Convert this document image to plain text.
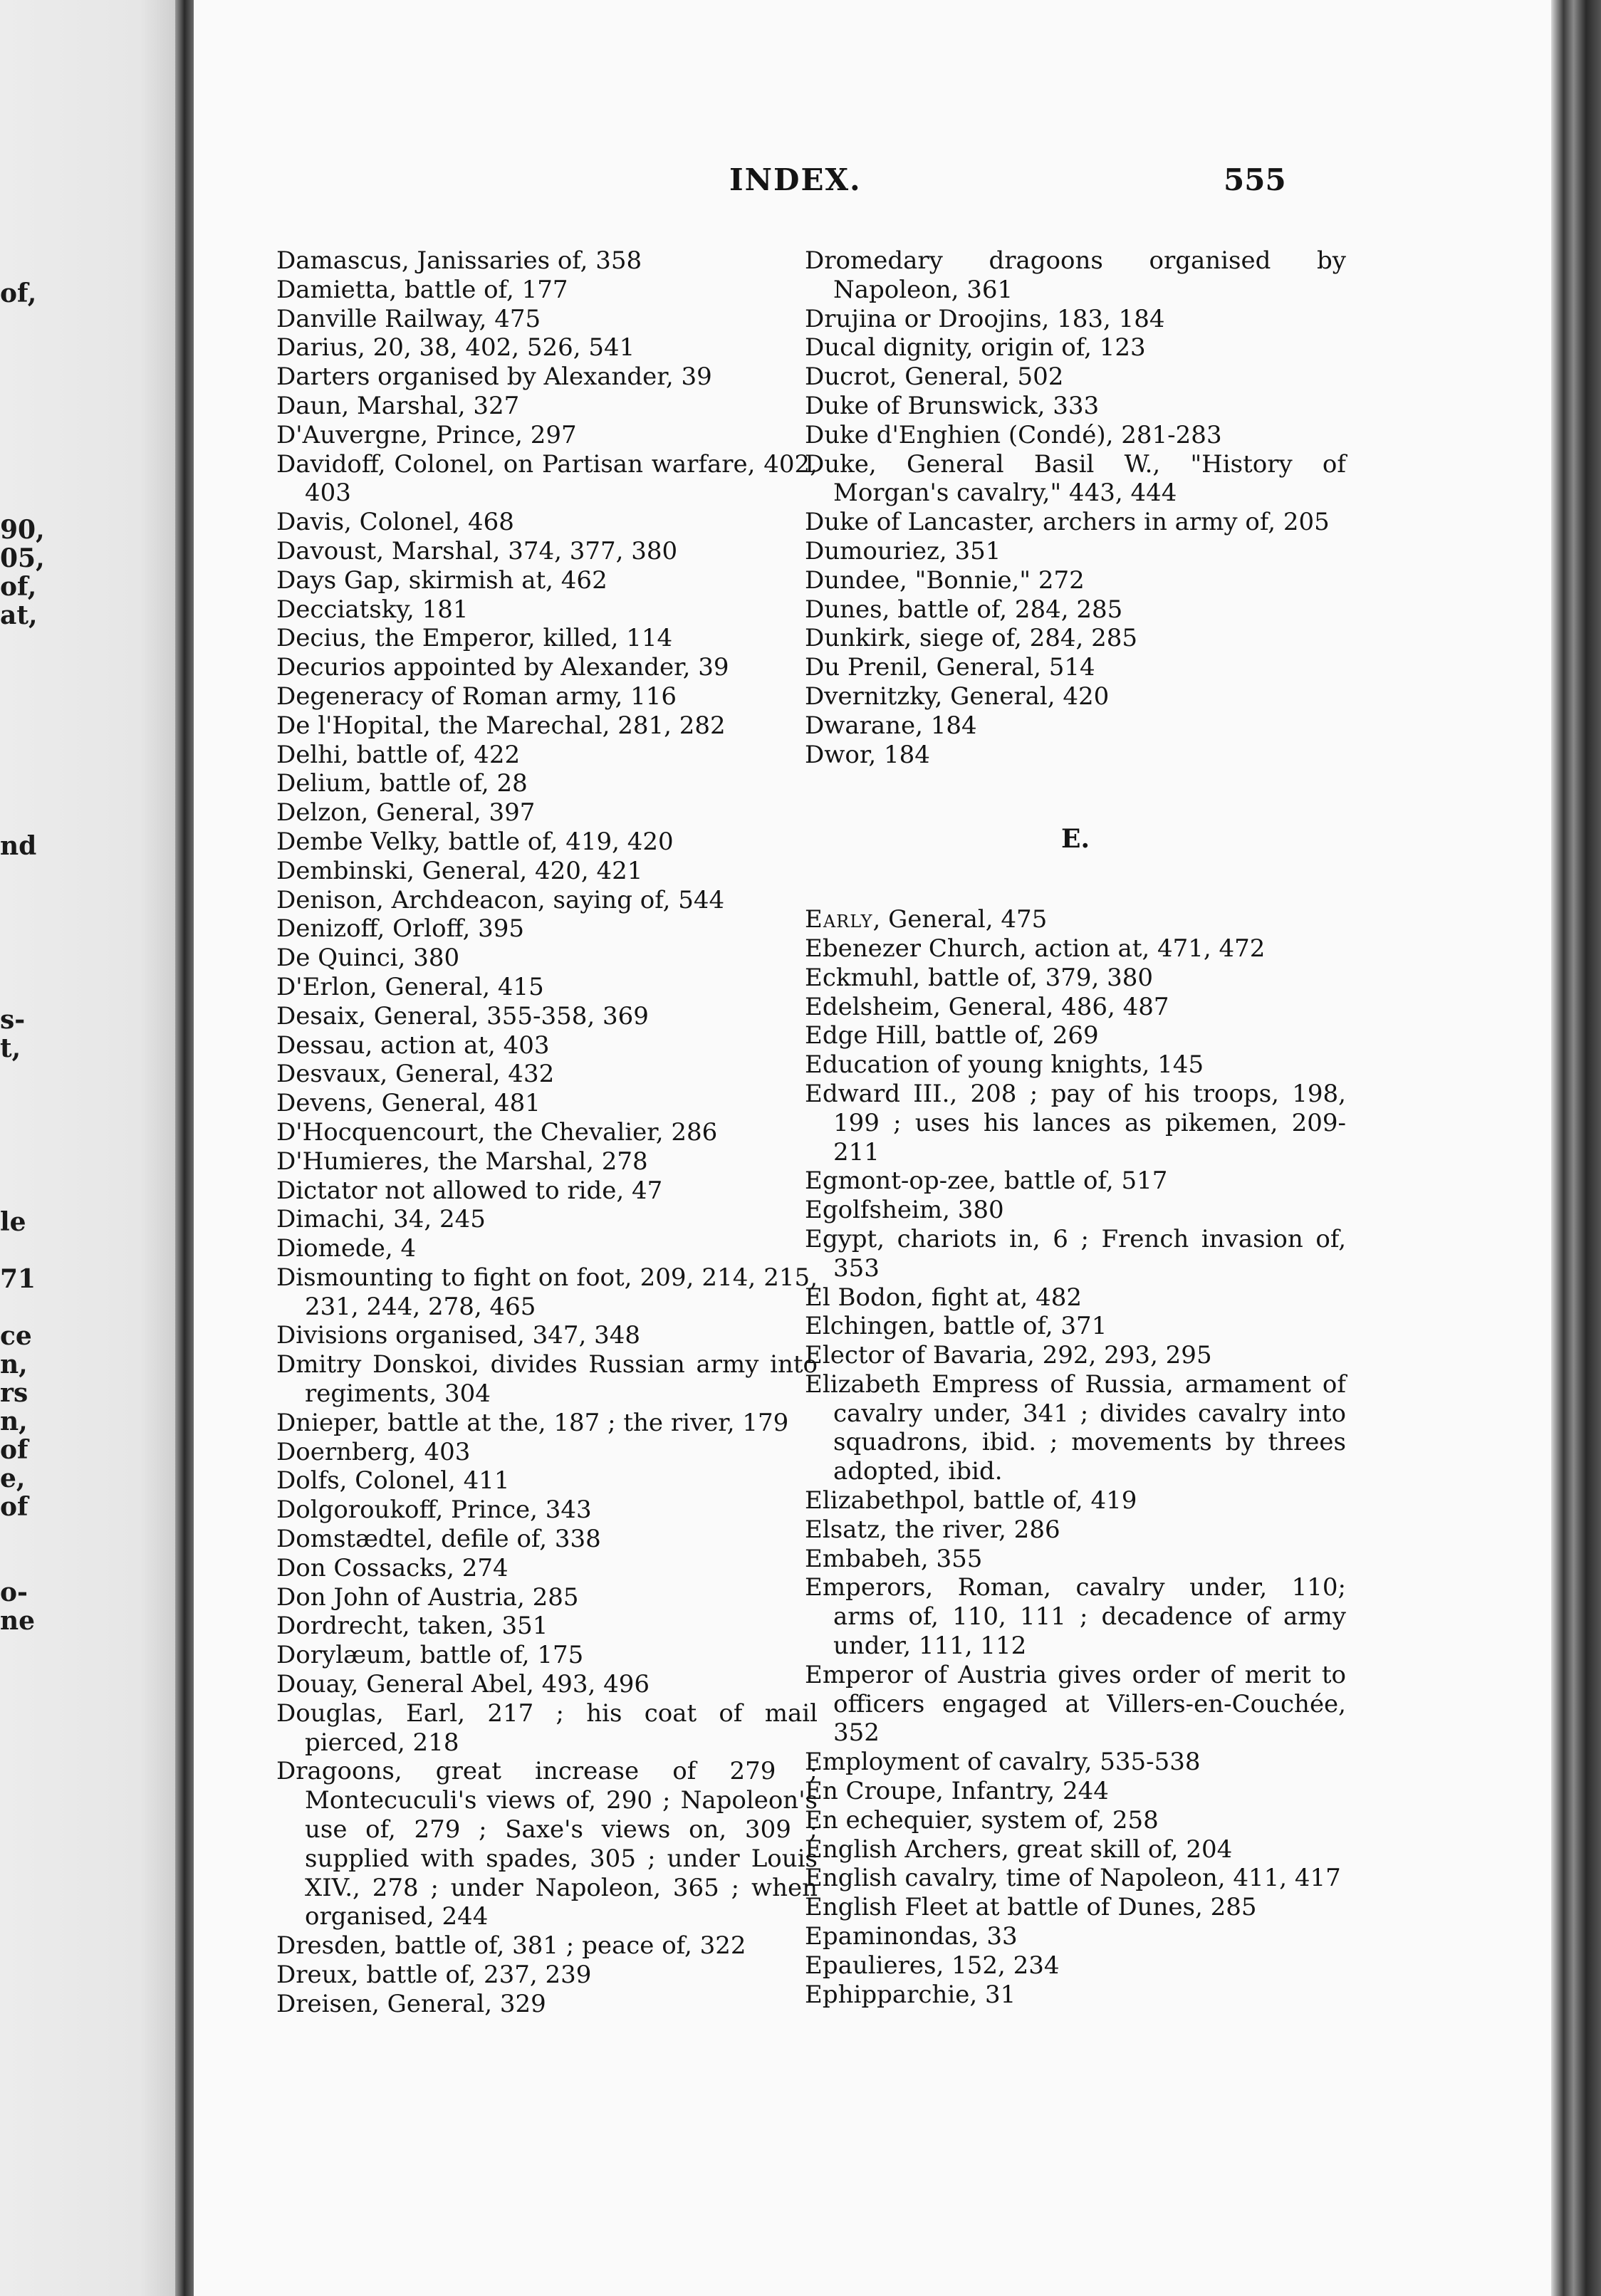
of,
90,
05,
of,
at,
nd
s-
t,
le
71
ce
n,
rs
n,
of
e,
of
o-
ne
INDEX.	555
Damascus, Janissaries of, 358
Damietta, battle of, 177
Danville Railway, 475
Darius, 20, 38, 402, 526, 541
Darters organised by Alexander, 39
Daun, Marshal, 327
D'Auvergne, Prince, 297
Davidoff, Colonel, on Partisan warfare, 402, 403
Davis, Colonel, 468
Davoust, Marshal, 374, 377, 380
Days Gap, skirmish at, 462
Decciatsky, 181
Decius, the Emperor, killed, 114
Decurios appointed by Alexander, 39
Degeneracy of Roman army, 116
De l'Hopital, the Marechal, 281, 282
Delhi, battle of, 422
Delium, battle of, 28
Delzon, General, 397
Dembe Velky, battle of, 419, 420
Dembinski, General, 420, 421
Denison, Archdeacon, saying of, 544
Denizoff, Orloff, 395
De Quinci, 380
D'Erlon, General, 415
Desaix, General, 355-358, 369
Dessau, action at, 403
Desvaux, General, 432
Devens, General, 481
D'Hocquencourt, the Chevalier, 286
D'Humieres, the Marshal, 278
Dictator not allowed to ride, 47
Dimachi, 34, 245
Diomede, 4
Dismounting to fight on foot, 209, 214, 215, 231, 244, 278, 465
Divisions organised, 347, 348
Dmitry Donskoi, divides Russian army into regiments, 304
Dnieper, battle at the, 187 ; the river, 179
Doernberg, 403
Dolfs, Colonel, 411
Dolgoroukoff, Prince, 343
Domstædtel, defile of, 338
Don Cossacks, 274
Don John of Austria, 285
Dordrecht, taken, 351
Dorylæum, battle of, 175
Douay, General Abel, 493, 496
Douglas, Earl, 217 ; his coat of mail pierced, 218
Dragoons, great increase of 279 ; Montecuculi's views of, 290 ; Napoleon's use of, 279 ; Saxe's views on, 309 ; supplied with spades, 305 ; under Louis XIV., 278 ; under Napoleon, 365 ; when organised, 244
Dresden, battle of, 381 ; peace of, 322
Dreux, battle of, 237, 239
Dreisen, General, 329
Dromedary dragoons organised by Napoleon, 361
Drujina or Droojins, 183, 184
Ducal dignity, origin of, 123
Ducrot, General, 502
Duke of Brunswick, 333
Duke d'Enghien (Condé), 281-283
Duke, General Basil W., "History of Morgan's cavalry," 443, 444
Duke of Lancaster, archers in army of, 205
Dumouriez, 351
Dundee, "Bonnie," 272
Dunes, battle of, 284, 285
Dunkirk, siege of, 284, 285
Du Prenil, General, 514
Dvernitzky, General, 420
Dwarane, 184
Dwor, 184
E.
Early, General, 475
Ebenezer Church, action at, 471, 472
Eckmuhl, battle of, 379, 380
Edelsheim, General, 486, 487
Edge Hill, battle of, 269
Education of young knights, 145
Edward III., 208 ; pay of his troops, 198, 199 ; uses his lances as pikemen, 209-211
Egmont-op-zee, battle of, 517
Egolfsheim, 380
Egypt, chariots in, 6 ; French invasion of, 353
El Bodon, fight at, 482
Elchingen, battle of, 371
Elector of Bavaria, 292, 293, 295
Elizabeth Empress of Russia, armament of cavalry under, 341 ; divides cavalry into squadrons, ibid. ; movements by threes adopted, ibid.
Elizabethpol, battle of, 419
Elsatz, the river, 286
Embabeh, 355
Emperors, Roman, cavalry under, 110; arms of, 110, 111 ; decadence of army under, 111, 112
Emperor of Austria gives order of merit to officers engaged at Villers-en-Couchée, 352
Employment of cavalry, 535-538
En Croupe, Infantry, 244
En echequier, system of, 258
English Archers, great skill of, 204
English cavalry, time of Napoleon, 411, 417
English Fleet at battle of Dunes, 285
Epaminondas, 33
Epaulieres, 152, 234
Ephipparchie, 31
